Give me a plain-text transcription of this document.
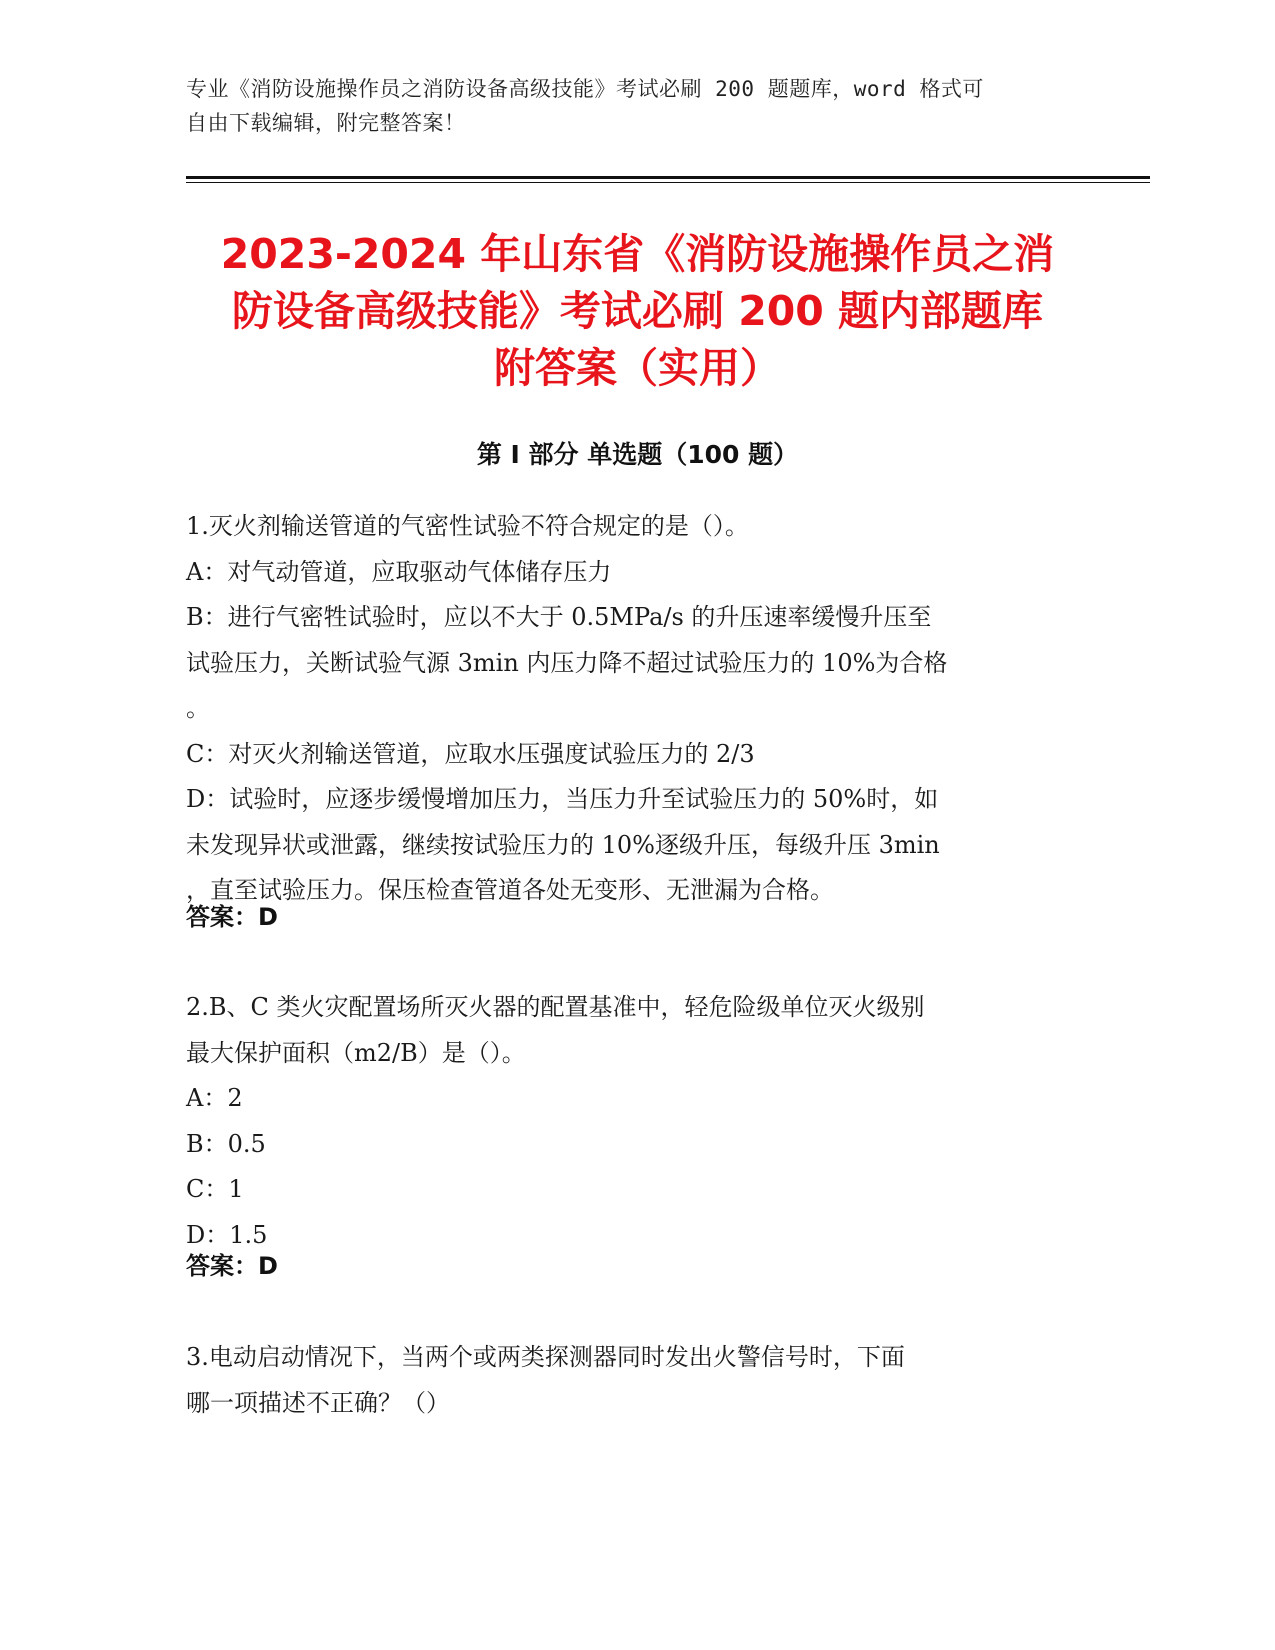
专业《消防设施操作员之消防设备高级技能》考试必刷 200 题题库，word 格式可
自由下载编辑，附完整答案！
2023-2024 年山东省《消防设施操作员之消
防设备高级技能》考试必刷 200 题内部题库
附答案（实用）
第 I 部分 单选题（100 题）
1.灭火剂输送管道的气密性试验不符合规定的是（）。
A：对气动管道，应取驱动气体储存压力
B：进行气密牲试验时，应以不大于 0.5MPa/s 的升压速率缓慢升压至
试验压力，关断试验气源 3min 内压力降不超过试验压力的 10%为合格
。
C：对灭火剂输送管道，应取水压强度试验压力的 2/3
D：试验时，应逐步缓慢增加压力，当压力升至试验压力的 50%时，如
未发现异状或泄露，继续按试验压力的 10%逐级升压，每级升压 3min
，直至试验压力。保压检查管道各处无变形、无泄漏为合格。
答案：D
2.B、C 类火灾配置场所灭火器的配置基准中，轻危险级单位灭火级别
最大保护面积（m2/B）是（）。
A：2
B：0.5
C：1
D：1.5
答案：D
3.电动启动情况下，当两个或两类探测器同时发出火警信号时，下面
哪一项描述不正确？（）
